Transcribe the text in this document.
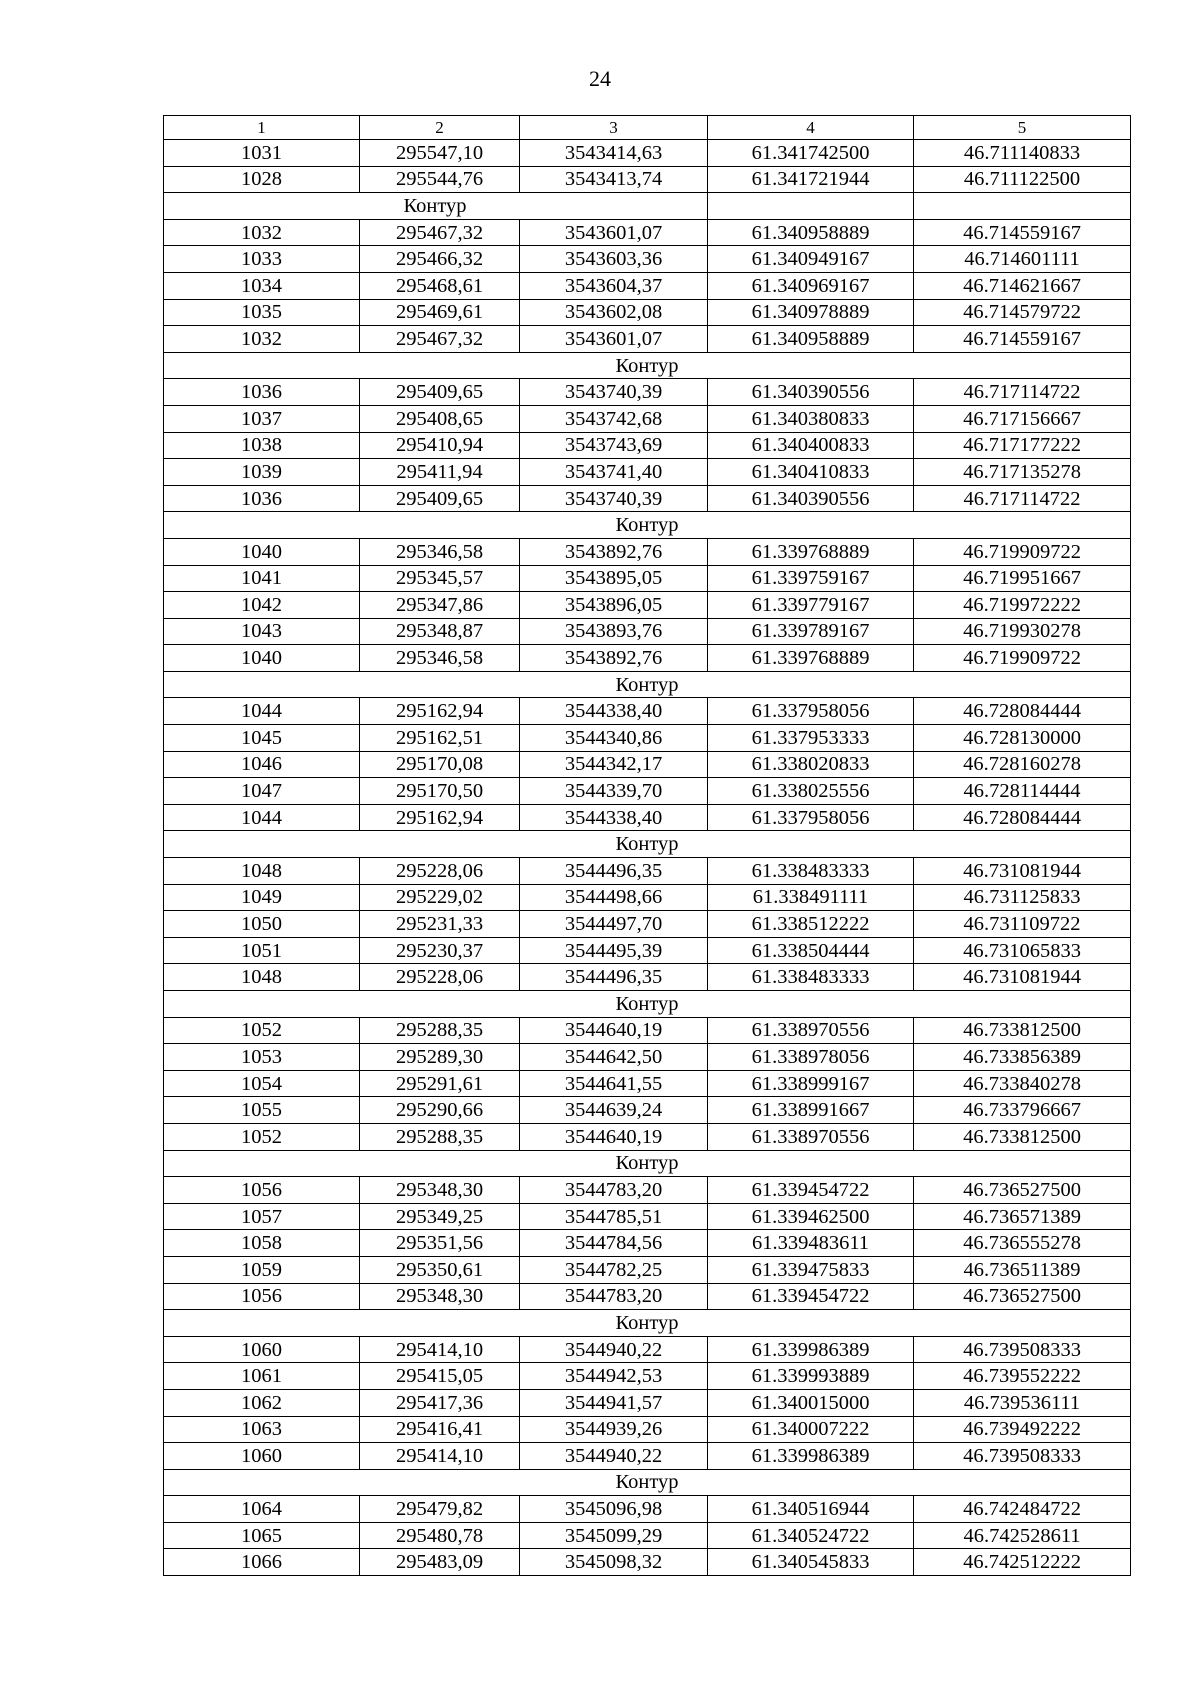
24
1	2	3	4	5
1031	295547,10	3543414,63	61.341742500	46.711140833
1028	295544,76	3543413,74	61.341721944	46.711122500
	Контур			
1032	295467,32	3543601,07	61.340958889	46.714559167
1033	295466,32	3543603,36	61.340949167	46.714601111
1034	295468,61	3543604,37	61.340969167	46.714621667
1035	295469,61	3543602,08	61.340978889	46.714579722
1032	295467,32	3543601,07	61.340958889	46.714559167
Контур				
1036	295409,65	3543740,39	61.340390556	46.717114722
1037	295408,65	3543742,68	61.340380833	46.717156667
1038	295410,94	3543743,69	61.340400833	46.717177222
1039	295411,94	3543741,40	61.340410833	46.717135278
1036	295409,65	3543740,39	61.340390556	46.717114722
Контур				
1040	295346,58	3543892,76	61.339768889	46.719909722
1041	295345,57	3543895,05	61.339759167	46.719951667
1042	295347,86	3543896,05	61.339779167	46.719972222
1043	295348,87	3543893,76	61.339789167	46.719930278
1040	295346,58	3543892,76	61.339768889	46.719909722
Контур				
1044	295162,94	3544338,40	61.337958056	46.728084444
1045	295162,51	3544340,86	61.337953333	46.728130000
1046	295170,08	3544342,17	61.338020833	46.728160278
1047	295170,50	3544339,70	61.338025556	46.728114444
1044	295162,94	3544338,40	61.337958056	46.728084444
Контур				
1048	295228,06	3544496,35	61.338483333	46.731081944
1049	295229,02	3544498,66	61.338491111	46.731125833
1050	295231,33	3544497,70	61.338512222	46.731109722
1051	295230,37	3544495,39	61.338504444	46.731065833
1048	295228,06	3544496,35	61.338483333	46.731081944
Контур				
1052	295288,35	3544640,19	61.338970556	46.733812500
1053	295289,30	3544642,50	61.338978056	46.733856389
1054	295291,61	3544641,55	61.338999167	46.733840278
1055	295290,66	3544639,24	61.338991667	46.733796667
1052	295288,35	3544640,19	61.338970556	46.733812500
Контур				
1056	295348,30	3544783,20	61.339454722	46.736527500
1057	295349,25	3544785,51	61.339462500	46.736571389
1058	295351,56	3544784,56	61.339483611	46.736555278
1059	295350,61	3544782,25	61.339475833	46.736511389
1056	295348,30	3544783,20	61.339454722	46.736527500
Контур				
1060	295414,10	3544940,22	61.339986389	46.739508333
1061	295415,05	3544942,53	61.339993889	46.739552222
1062	295417,36	3544941,57	61.340015000	46.739536111
1063	295416,41	3544939,26	61.340007222	46.739492222
1060	295414,10	3544940,22	61.339986389	46.739508333
Контур				
1064	295479,82	3545096,98	61.340516944	46.742484722
1065	295480,78	3545099,29	61.340524722	46.742528611
1066	295483,09	3545098,32	61.340545833	46.742512222
